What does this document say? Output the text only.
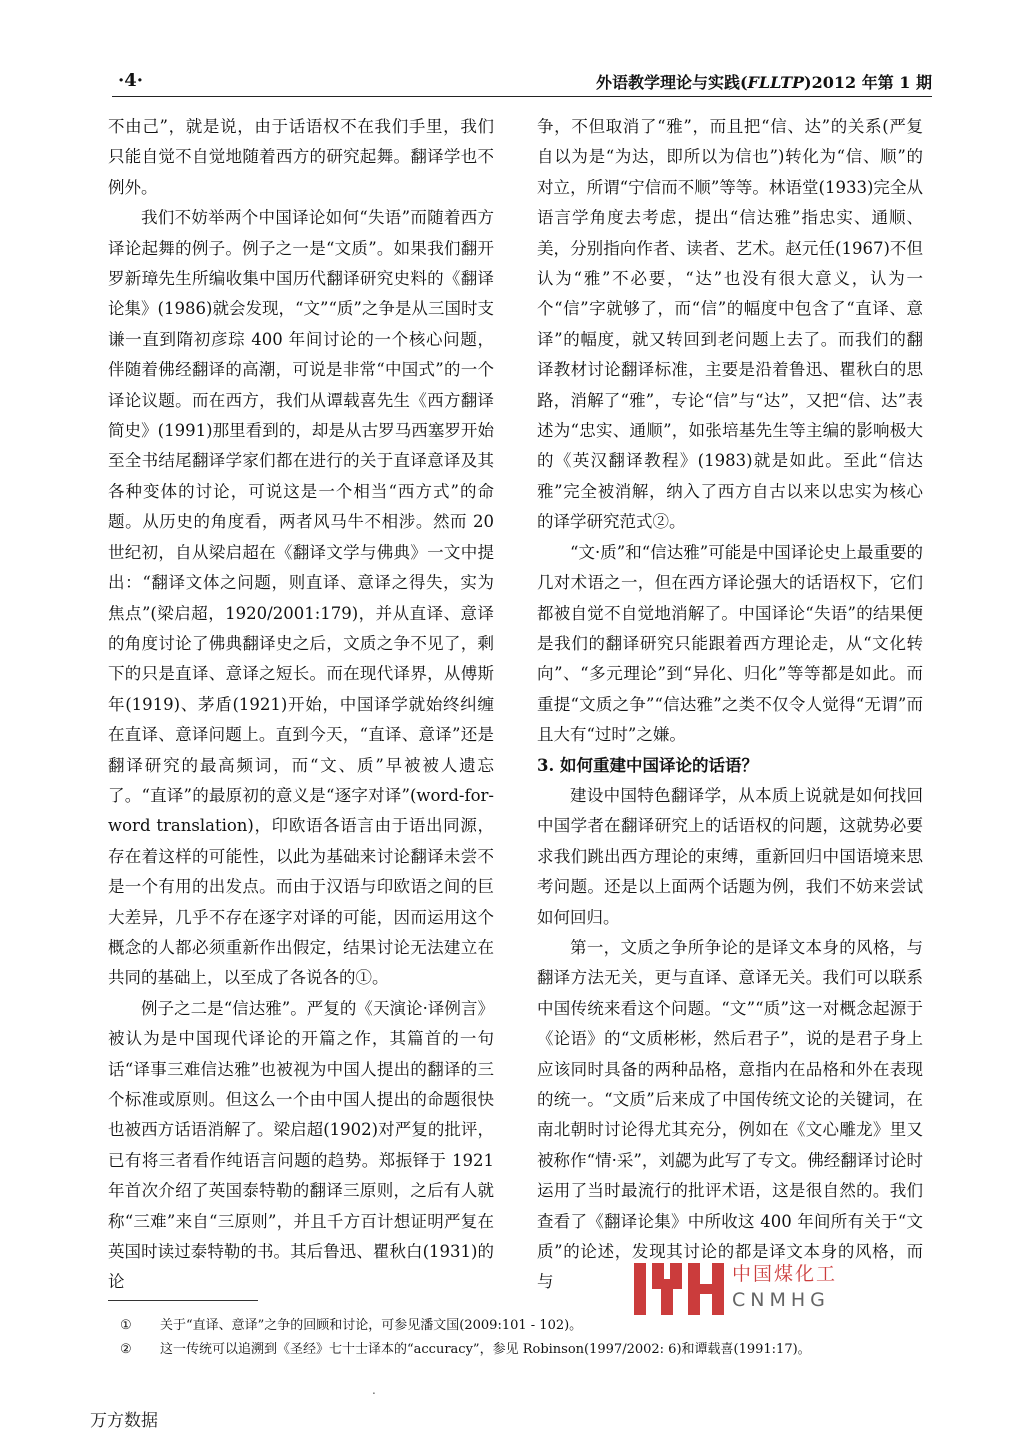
·4·	外语教学理论与实践(FLLTP)2012 年第 1 期

不由己”，就是说，由于话语权不在我们手里，我们只能自觉不自觉地随着西方的研究起舞。翻译学也不例外。

我们不妨举两个中国译论如何“失语”而随着西方译论起舞的例子。例子之一是“文质”。如果我们翻开罗新璋先生所编收集中国历代翻译研究史料的《翻译论集》(1986)就会发现，“文”“质”之争是从三国时支谦一直到隋初彦琮 400 年间讨论的一个核心问题，伴随着佛经翻译的高潮，可说是非常“中国式”的一个译论议题。而在西方，我们从谭载喜先生《西方翻译简史》(1991)那里看到的，却是从古罗马西塞罗开始至全书结尾翻译学家们都在进行的关于直译意译及其各种变体的讨论，可说这是一个相当“西方式”的命题。从历史的角度看，两者风马牛不相涉。然而 20 世纪初，自从梁启超在《翻译文学与佛典》一文中提出：“翻译文体之问题，则直译、意译之得失，实为焦点”(梁启超，1920/2001:179)，并从直译、意译的角度讨论了佛典翻译史之后，文质之争不见了，剩下的只是直译、意译之短长。而在现代译界，从傅斯年(1919)、茅盾(1921)开始，中国译学就始终纠缠在直译、意译问题上。直到今天，“直译、意译”还是翻译研究的最高频词，而“文、质”早被被人遗忘了。“直译”的最原初的意义是“逐字对译”(word-for-word translation)，印欧语各语言由于语出同源，存在着这样的可能性，以此为基础来讨论翻译未尝不是一个有用的出发点。而由于汉语与印欧语之间的巨大差异，几乎不存在逐字对译的可能，因而运用这个概念的人都必须重新作出假定，结果讨论无法建立在共同的基础上，以至成了各说各的①。

例子之二是“信达雅”。严复的《天演论·译例言》被认为是中国现代译论的开篇之作，其篇首的一句话“译事三难信达雅”也被视为中国人提出的翻译的三个标准或原则。但这么一个由中国人提出的命题很快也被西方话语消解了。梁启超(1902)对严复的批评，已有将三者看作纯语言问题的趋势。郑振铎于 1921 年首次介绍了英国泰特勒的翻译三原则，之后有人就称“三难”来自“三原则”，并且千方百计想证明严复在英国时读过泰特勒的书。其后鲁迅、瞿秋白(1931)的论

争，不但取消了“雅”，而且把“信、达”的关系(严复自以为是“为达，即所以为信也”)转化为“信、顺”的对立，所谓“宁信而不顺”等等。林语堂(1933)完全从语言学角度去考虑，提出“信达雅”指忠实、通顺、美，分别指向作者、读者、艺术。赵元任(1967)不但认为“雅”不必要，“达”也没有很大意义，认为一个“信”字就够了，而“信”的幅度中包含了“直译、意译”的幅度，就又转回到老问题上去了。而我们的翻译教材讨论翻译标准，主要是沿着鲁迅、瞿秋白的思路，消解了“雅”，专论“信”与“达”，又把“信、达”表述为“忠实、通顺”，如张培基先生等主编的影响极大的《英汉翻译教程》(1983)就是如此。至此“信达雅”完全被消解，纳入了西方自古以来以忠实为核心的译学研究范式②。

“文·质”和“信达雅”可能是中国译论史上最重要的几对术语之一，但在西方译论强大的话语权下，它们都被自觉不自觉地消解了。中国译论“失语”的结果便是我们的翻译研究只能跟着西方理论走，从“文化转向”、“多元理论”到“异化、归化”等等都是如此。而重提“文质之争”“信达雅”之类不仅令人觉得“无谓”而且大有“过时”之嫌。

3. 如何重建中国译论的话语？

建设中国特色翻译学，从本质上说就是如何找回中国学者在翻译研究上的话语权的问题，这就势必要求我们跳出西方理论的束缚，重新回归中国语境来思考问题。还是以上面两个话题为例，我们不妨来尝试如何回归。

第一，文质之争所争论的是译文本身的风格，与翻译方法无关，更与直译、意译无关。我们可以联系中国传统来看这个问题。“文”“质”这一对概念起源于《论语》的“文质彬彬，然后君子”，说的是君子身上应该同时具备的两种品格，意指内在品格和外在表现的统一。“文质”后来成了中国传统文论的关键词，在南北朝时讨论得尤其充分，例如在《文心雕龙》里又被称作“情·采”，刘勰为此写了专文。佛经翻译讨论时运用了当时最流行的批评术语，这是很自然的。我们查看了《翻译论集》中所收这 400 年间所有关于“文质”的论述，发现其讨论的都是译文本身的风格，而与	中国煤化工
CNMHG
①	关于“直译、意译”之争的回顾和讨论，可参见潘文国(2009:101 - 102)。
②	这一传统可以追溯到《圣经》七十士译本的“accuracy”，参见 Robinson(1997/2002: 6)和谭载喜(1991:17)。
.
万方数据
